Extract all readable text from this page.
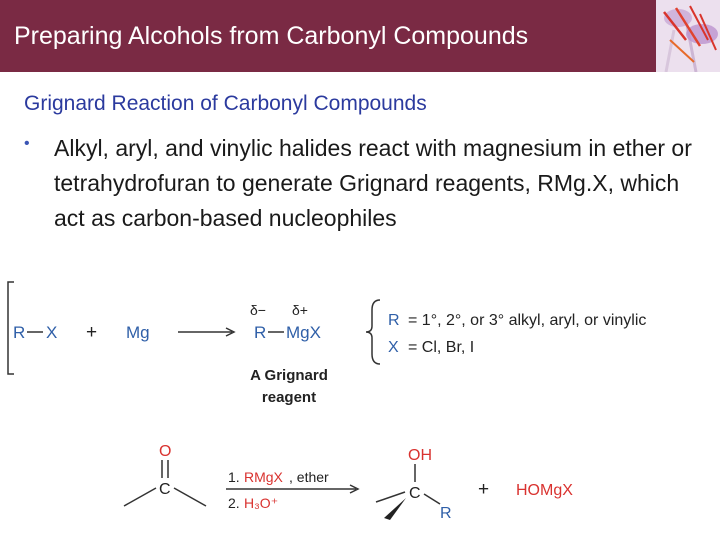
Preparing Alcohols from Carbonyl Compounds
Grignard Reaction of Carbonyl Compounds
• Alkyl, aryl, and vinylic halides react with magnesium in ether or tetrahydrofuran to generate Grignard reagents, RMg.X, which act as carbon-based nucleophiles
R X + Mg
δ− δ+
R MgX
A Grignard
reagent
R = 1°, 2°, or 3° alkyl, aryl, or vinylic
X = Cl, Br, I
O
C
1. RMgX , ether
2. H₃O⁺
OH
C
R
+ HOMgX
